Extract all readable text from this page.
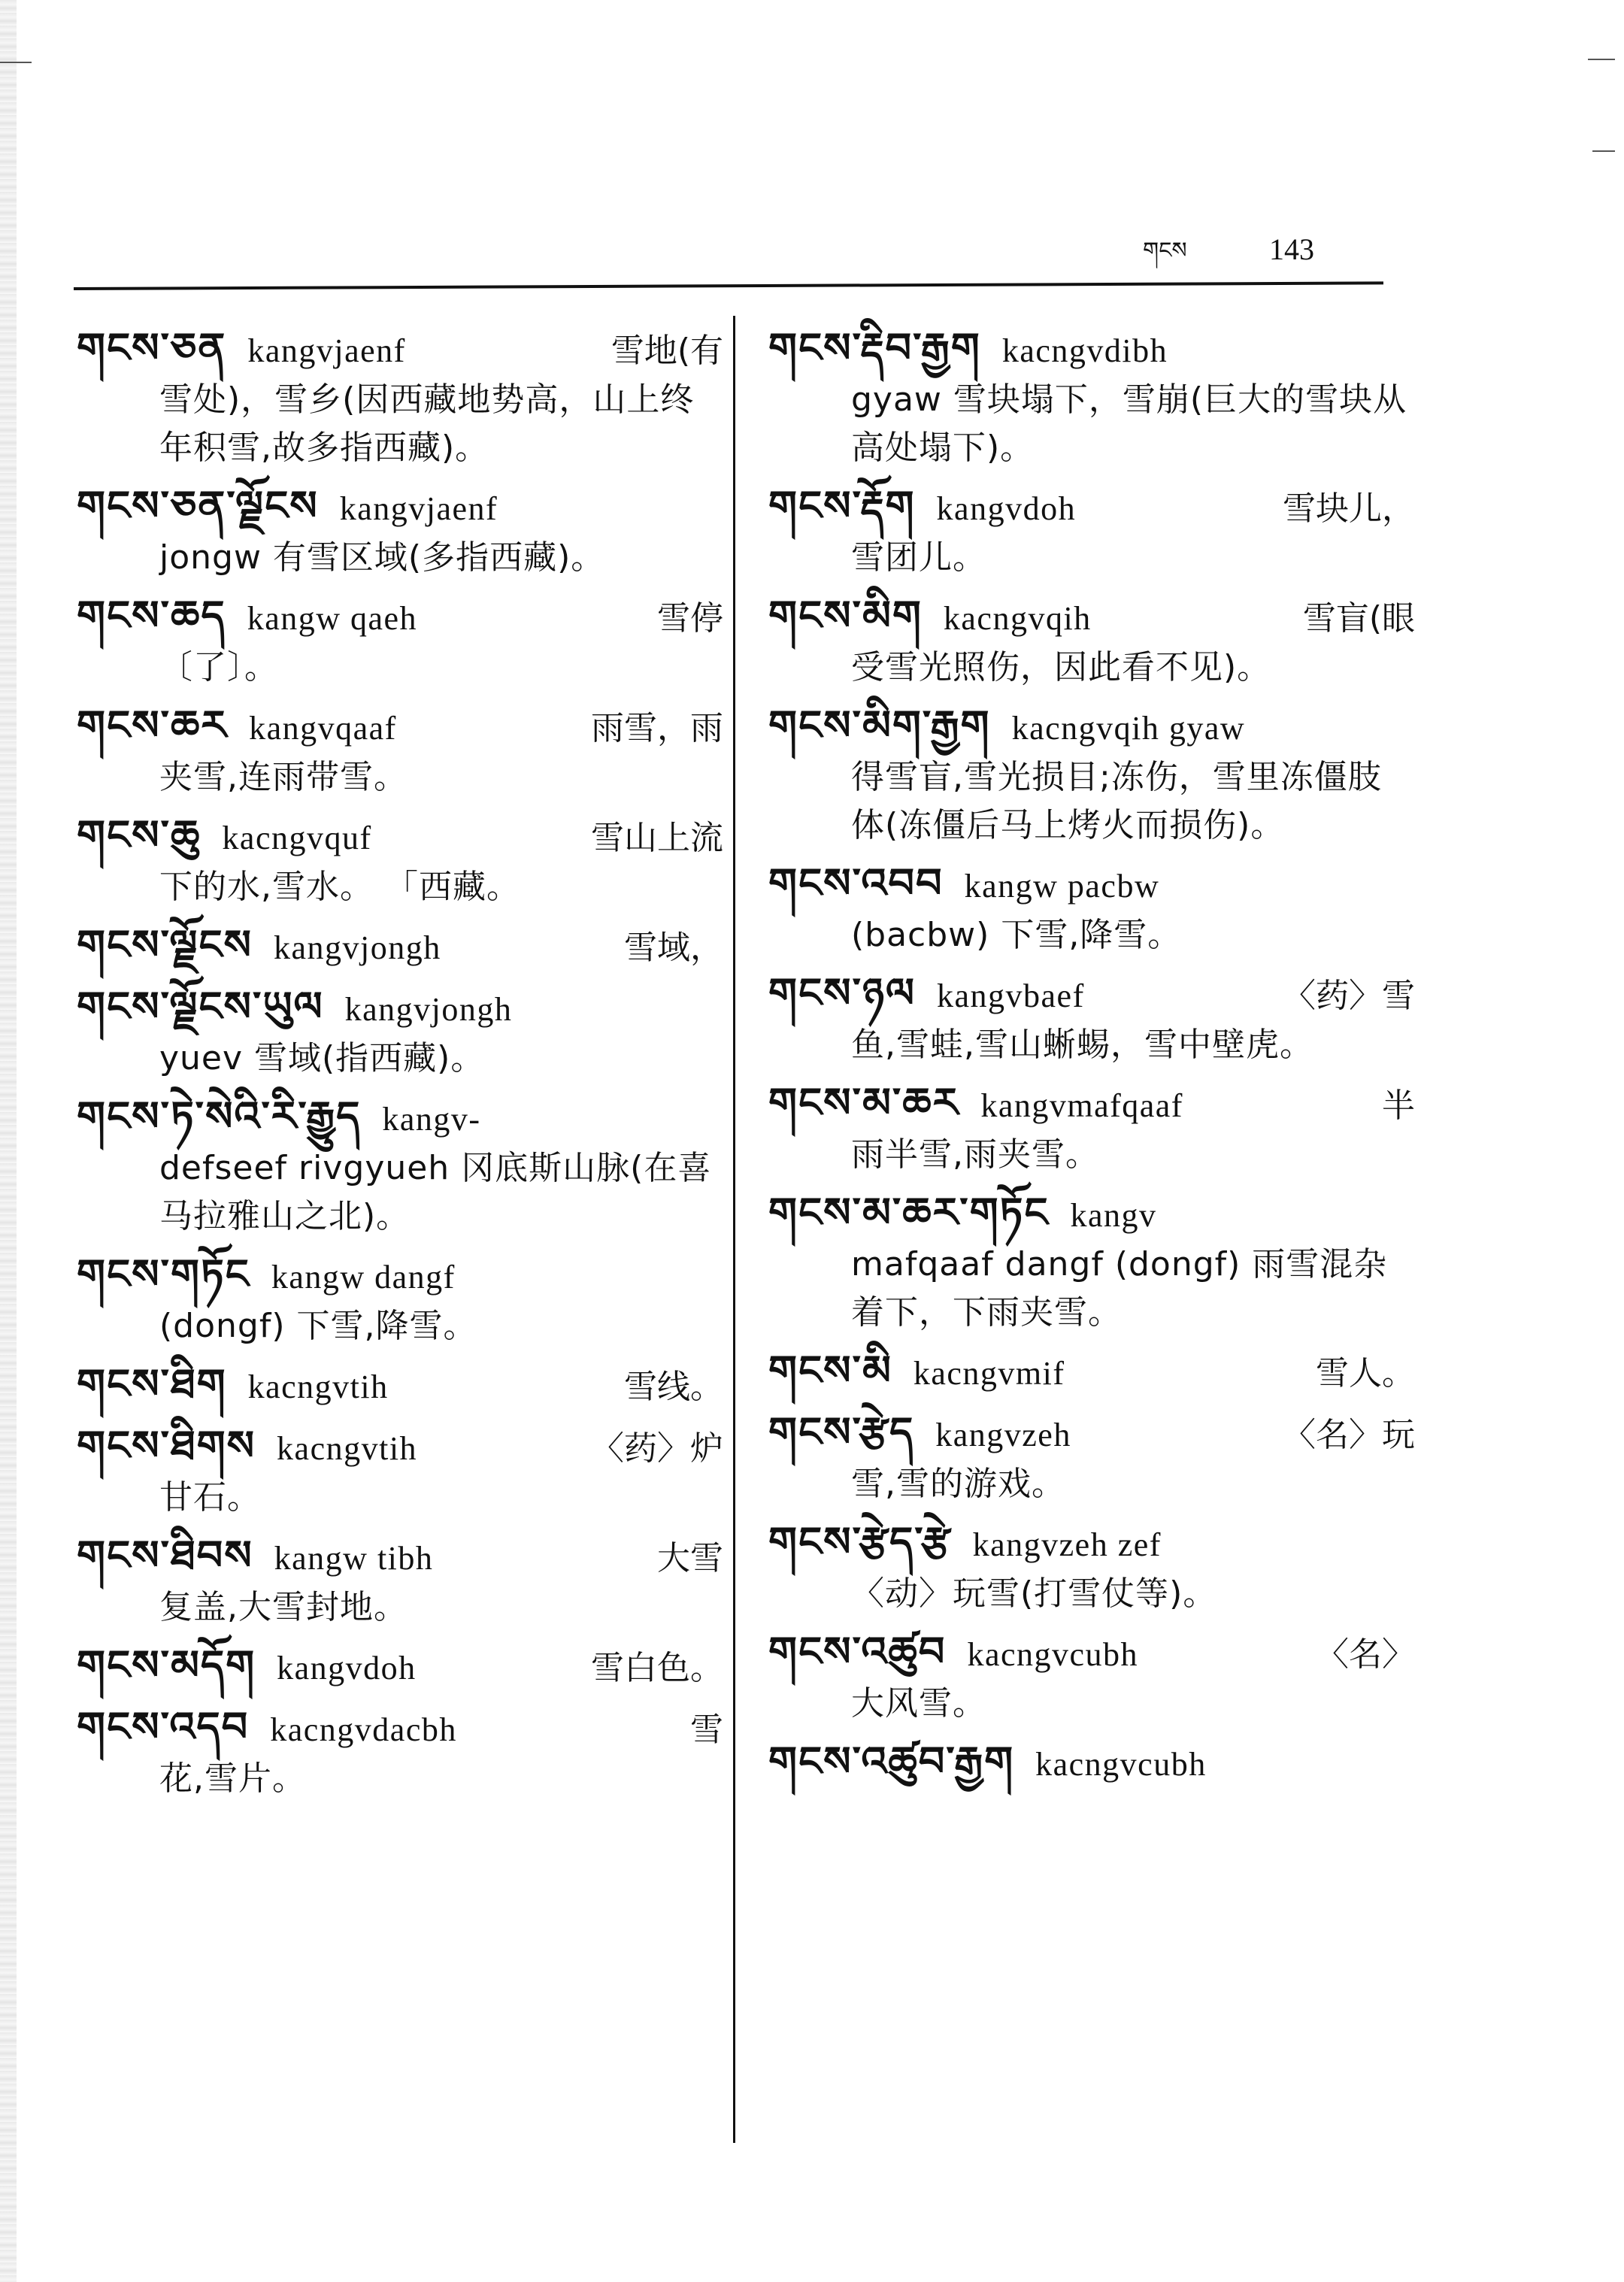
གངས	143
གངས་ཅན kangvjaenf	雪地(有
雪处)，雪乡(因西藏地势高，山上终年积雪,故多指西藏)。
གངས་ཅན་ལྗོངས kangvjaenf
jongw 有雪区域(多指西藏)。
གངས་ཆད kangw qaeh	雪停
〔了〕。
གངས་ཆར kangvqaaf	雨雪，雨
夹雪,连雨带雪。
གངས་ཆུ kacngvquf	雪山上流
下的水,雪水。 「西藏。
གངས་ལྗོངས kangvjongh	雪域，
གངས་ལྗོངས་ཡུལ kangvjongh
yuev 雪域(指西藏)。
གངས་ཏེ་སེའི་རི་རྒྱུད kangv-
defseef rivgyueh 冈底斯山脉(在喜马拉雅山之北)。
གངས་གཏོང kangw dangf
(dongf) 下雪,降雪。
གངས་ཐིག kacngvtih	雪线。
གངས་ཐིགས kacngvtih	〈药〉炉
甘石。
གངས་ཐིབས kangw tibh	大雪
复盖,大雪封地。
གངས་མདོག kangvdoh	雪白色。
གངས་འདབ kacngvdacbh	雪
花,雪片。
གངས་རྡིབ་རྒྱག kacngvdibh
gyaw 雪块塌下，雪崩(巨大的雪块从高处塌下)。
གངས་རྡོག kangvdoh	雪块儿，
雪团儿。
གངས་མིག kacngvqih	雪盲(眼
受雪光照伤，因此看不见)。
གངས་མིག་རྒྱག kacngvqih gyaw
得雪盲,雪光损目;冻伤，雪里冻僵肢体(冻僵后马上烤火而损伤)。
གངས་འབབ kangw pacbw
(bacbw) 下雪,降雪。
གངས་ཉལ kangvbaef	〈药〉雪
鱼,雪蛙,雪山蜥蜴，雪中壁虎。
གངས་མ་ཆར kangvmafqaaf	半
雨半雪,雨夹雪。
གངས་མ་ཆར་གཏོང kangv
mafqaaf dangf (dongf) 雨雪混杂着下，下雨夹雪。
གངས་མི kacngvmif	雪人。
གངས་རྩེད kangvzeh	〈名〉玩
雪,雪的游戏。
གངས་རྩེད་རྩེ kangvzeh zef
〈动〉玩雪(打雪仗等)。
གངས་འཚུབ kacngvcubh	〈名〉
大风雪。
གངས་འཚུབ་རྒྱག kacngvcubh
